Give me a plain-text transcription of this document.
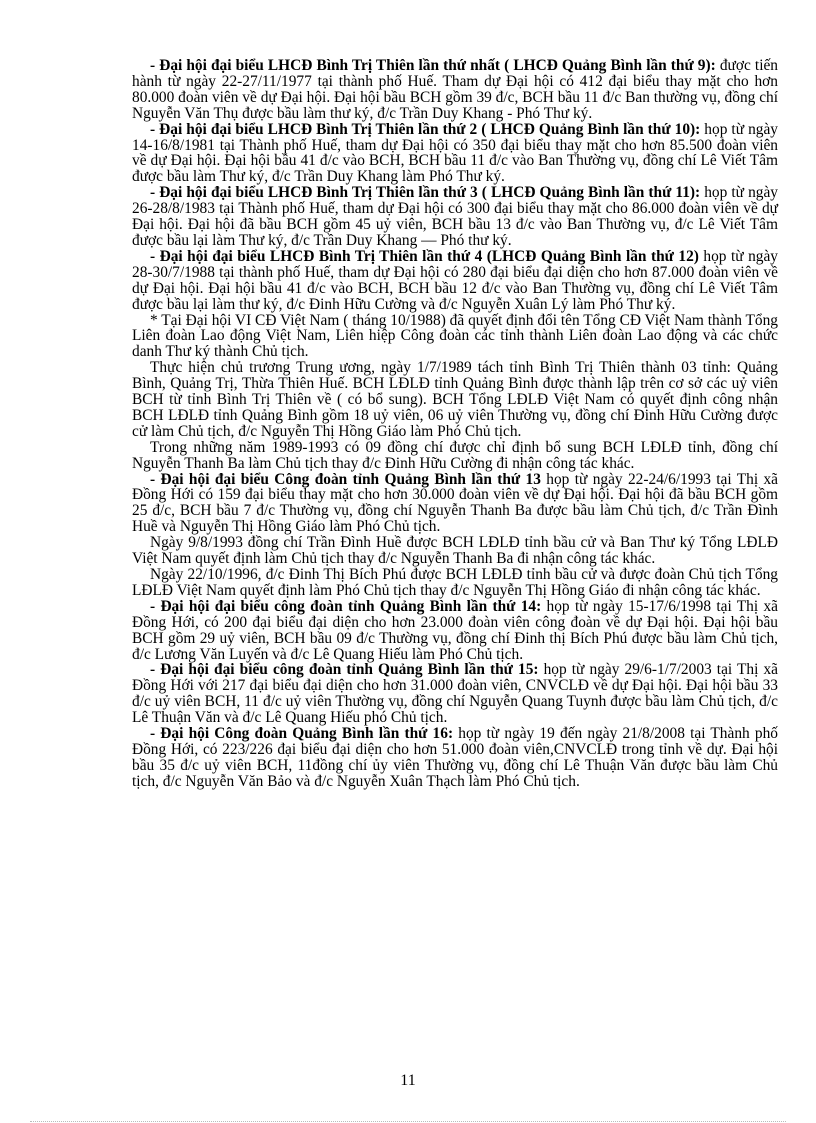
- Đại hội đại biểu LHCĐ Bình Trị Thiên lần thứ nhất ( LHCĐ Quảng Bình lần thứ 9): được tiến hành từ ngày 22-27/11/1977 tại thành phố Huế. Tham dự Đại hội có 412 đại biểu thay mặt cho hơn 80.000 đoàn viên về dự Đại hội. Đại hội bầu BCH gồm 39 đ/c, BCH bầu 11 đ/c Ban thường vụ, đồng chí Nguyễn Văn Thụ được bầu làm thư ký, đ/c Trần Duy Khang - Phó Thư ký.

- Đại hội đại biểu LHCĐ Bình Trị Thiên lần thứ 2 ( LHCĐ Quảng Bình lần thứ 10): họp từ ngày 14-16/8/1981 tại Thành phố Huế, tham dự Đại hội có 350 đại biểu thay mặt cho hơn 85.500 đoàn viên về dự Đại hội. Đại hội bầu 41 đ/c vào BCH, BCH bầu 11 đ/c vào Ban Thường vụ, đồng chí Lê Viết Tâm được bầu làm Thư ký, đ/c Trần Duy Khang làm Phó Thư ký.

- Đại hội đại biểu LHCĐ Bình Trị Thiên lần thứ 3 ( LHCĐ Quảng Bình lần thứ 11): họp từ ngày 26-28/8/1983 tại Thành phố Huế, tham dự Đại hội có 300 đại biểu thay mặt cho 86.000 đoàn viên về dự Đại hội. Đại hội đã bầu BCH gồm 45 uỷ viên, BCH bầu 13 đ/c vào Ban Thường vụ, đ/c Lê Viết Tâm được bầu lại làm Thư ký, đ/c Trần Duy Khang — Phó thư ký.

- Đại hội đại biểu LHCĐ Bình Trị Thiên lần thứ 4 (LHCĐ Quảng Bình lần thứ 12) họp từ ngày 28-30/7/1988 tại thành phố Huế, tham dự Đại hội có 280 đại biểu đại diện cho hơn 87.000 đoàn viên về dự Đại hội. Đại hội bầu 41 đ/c vào BCH, BCH bầu 12 đ/c vào Ban Thường vụ, đồng chí Lê Viết Tâm được bầu lại làm thư ký, đ/c Đinh Hữu Cường và đ/c Nguyễn Xuân Lý làm Phó Thư ký.

* Tại Đại hội VI CĐ Việt Nam ( tháng 10/1988) đã quyết định đổi tên Tổng CĐ Việt Nam thành Tổng Liên đoàn Lao động Việt Nam, Liên hiệp Công đoàn các tỉnh thành Liên đoàn Lao động và các chức danh Thư ký thành Chủ tịch.

Thực hiện chủ trương Trung ương, ngày 1/7/1989 tách tỉnh Bình Trị Thiên thành 03 tỉnh: Quảng Bình, Quảng Trị, Thừa Thiên Huế. BCH LĐLĐ tỉnh Quảng Bình được thành lập trên cơ sở các uỷ viên BCH từ tỉnh Bình Trị Thiên về ( có bổ sung). BCH Tổng LĐLĐ Việt Nam có quyết định công nhận BCH LĐLĐ tỉnh Quảng Bình gồm 18 uỷ viên, 06 uỷ viên Thường vụ, đồng chí Đinh Hữu Cường được cử làm Chủ tịch, đ/c Nguyễn Thị Hồng Giáo làm Phó Chủ tịch.

Trong những năm 1989-1993 có 09 đồng chí được chỉ định bổ sung BCH LĐLĐ tỉnh, đồng chí Nguyễn Thanh Ba làm Chủ tịch thay đ/c Đinh Hữu Cường đi nhận công tác khác.

- Đại hội đại biểu Công đoàn tỉnh Quảng Bình lần thứ 13 họp từ ngày 22-24/6/1993 tại Thị xã Đồng Hới có 159 đại biểu thay mặt cho hơn 30.000 đoàn viên về dự Đại hội. Đại hội đã bầu BCH gồm 25 đ/c, BCH bầu 7 đ/c Thường vụ, đồng chí Nguyễn Thanh Ba được bầu làm Chủ tịch, đ/c Trần Đình Huề và Nguyễn Thị Hồng Giáo làm Phó Chủ tịch.

Ngày 9/8/1993 đồng chí Trần Đình Huề được BCH LĐLĐ tỉnh bầu cử và Ban Thư ký Tổng LĐLĐ Việt Nam quyết định làm Chủ tịch thay đ/c Nguyễn Thanh Ba đi nhận công tác khác.

Ngày 22/10/1996, đ/c Đinh Thị Bích Phú được BCH LĐLĐ tỉnh bầu cử và được đoàn Chủ tịch Tổng LĐLĐ Việt Nam quyết định làm Phó Chủ tịch thay đ/c Nguyễn Thị Hồng Giáo đi nhận công tác khác.

- Đại hội đại biểu công đoàn tỉnh Quảng Bình lần thứ 14: họp từ ngày 15-17/6/1998 tại Thị xã Đồng Hới, có 200 đại biểu đại diện cho hơn 23.000 đoàn viên công đoàn về dự Đại hội. Đại hội bầu BCH gồm 29 uỷ viên, BCH bầu 09 đ/c Thường vụ, đồng chí Đinh thị Bích Phú được bầu làm Chủ tịch, đ/c Lương Văn Luyến và đ/c Lê Quang Hiếu làm Phó Chủ tịch.

- Đại hội đại biểu công đoàn tỉnh Quảng Bình lần thứ 15: họp từ ngày 29/6-1/7/2003 tại Thị xã Đồng Hới với 217 đại biểu đại diện cho hơn 31.000 đoàn viên, CNVCLĐ về dự Đại hội. Đại hội bầu 33 đ/c uỷ viên BCH, 11 đ/c uỷ viên Thường vụ, đồng chí Nguyễn Quang Tuynh được bầu làm Chủ tịch, đ/c Lê Thuận Văn và đ/c Lê Quang Hiếu phó Chủ tịch.

- Đại hội Công đoàn Quảng Bình lần thứ 16: họp từ ngày 19 đến ngày 21/8/2008 tại Thành phố Đồng Hới, có 223/226 đại biểu đại diện cho hơn 51.000 đoàn viên,CNVCLĐ trong tỉnh về dự. Đại hội bầu 35 đ/c uỷ viên BCH, 11đồng chí ủy viên Thường vụ, đồng chí Lê Thuận Văn được bầu làm Chủ tịch, đ/c Nguyễn Văn Bảo và đ/c Nguyễn Xuân Thạch làm Phó Chủ tịch.

11
